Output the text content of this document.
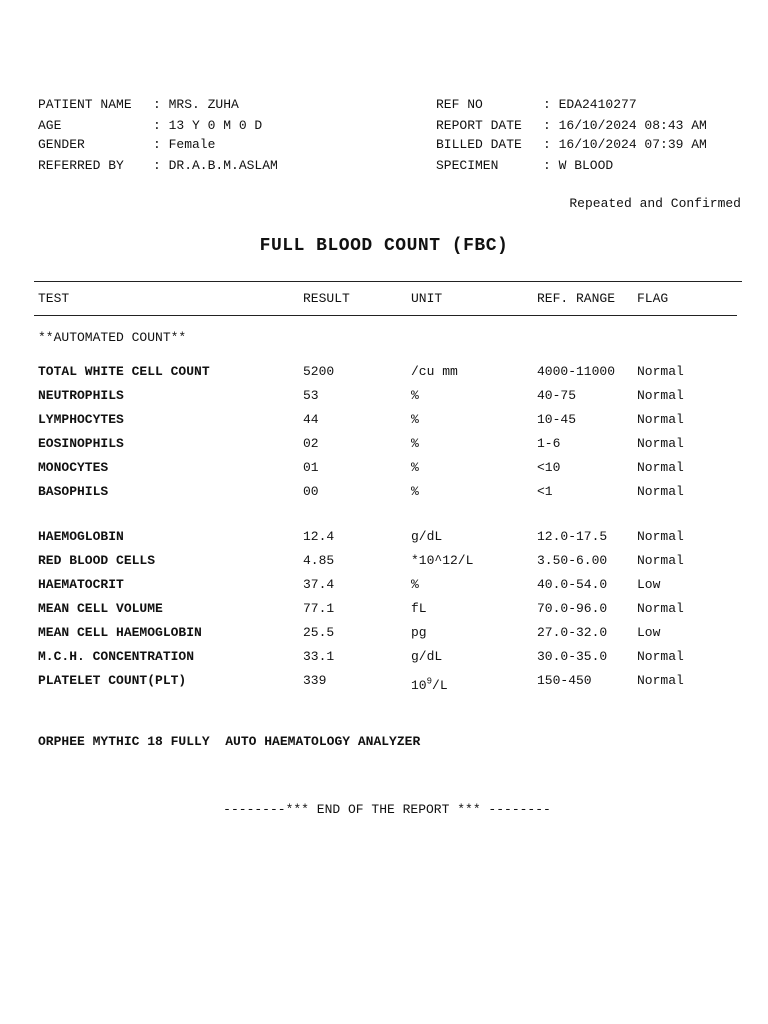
PATIENT NAME : MRS. ZUHA
AGE	: 13 Y 0 M 0 D
GENDER	: Female
REFERRED BY : DR.A.B.M.ASLAM
REF NO	: EDA2410277
REPORT DATE : 16/10/2024 08:43 AM
BILLED DATE : 16/10/2024 07:39 AM
SPECIMEN	: W BLOOD
Repeated and Confirmed
FULL BLOOD COUNT (FBC)
TEST	RESULT	UNIT	REF. RANGE FLAG
**AUTOMATED COUNT**
TOTAL WHITE CELL COUNT	5200	/cu mm	4000-11000 Normal
NEUTROPHILS	53	%	40-75	Normal
LYMPHOCYTES	44	%	10-45	Normal
EOSINOPHILS	02	%	1-6	Normal
MONOCYTES	01	%	<10	Normal
BASOPHILS	00	%	<1	Normal
HAEMOGLOBIN	12.4	g/dL	12.0-17.5 Normal
RED BLOOD CELLS	4.85	*10^12/L	3.50-6.00 Normal
HAEMATOCRIT	37.4	%	40.0-54.0 Low
MEAN CELL VOLUME	77.1	fL	70.0-96.0 Normal
MEAN CELL HAEMOGLOBIN	25.5	pg	27.0-32.0 Low
M.C.H. CONCENTRATION	33.1	g/dL	30.0-35.0 Normal
PLATELET COUNT(PLT)	339	$10^9/L$	150-450	Normal
ORPHEE MYTHIC 18 FULLY  AUTO HAEMATOLOGY ANALYZER
--------*** END OF THE REPORT *** --------
